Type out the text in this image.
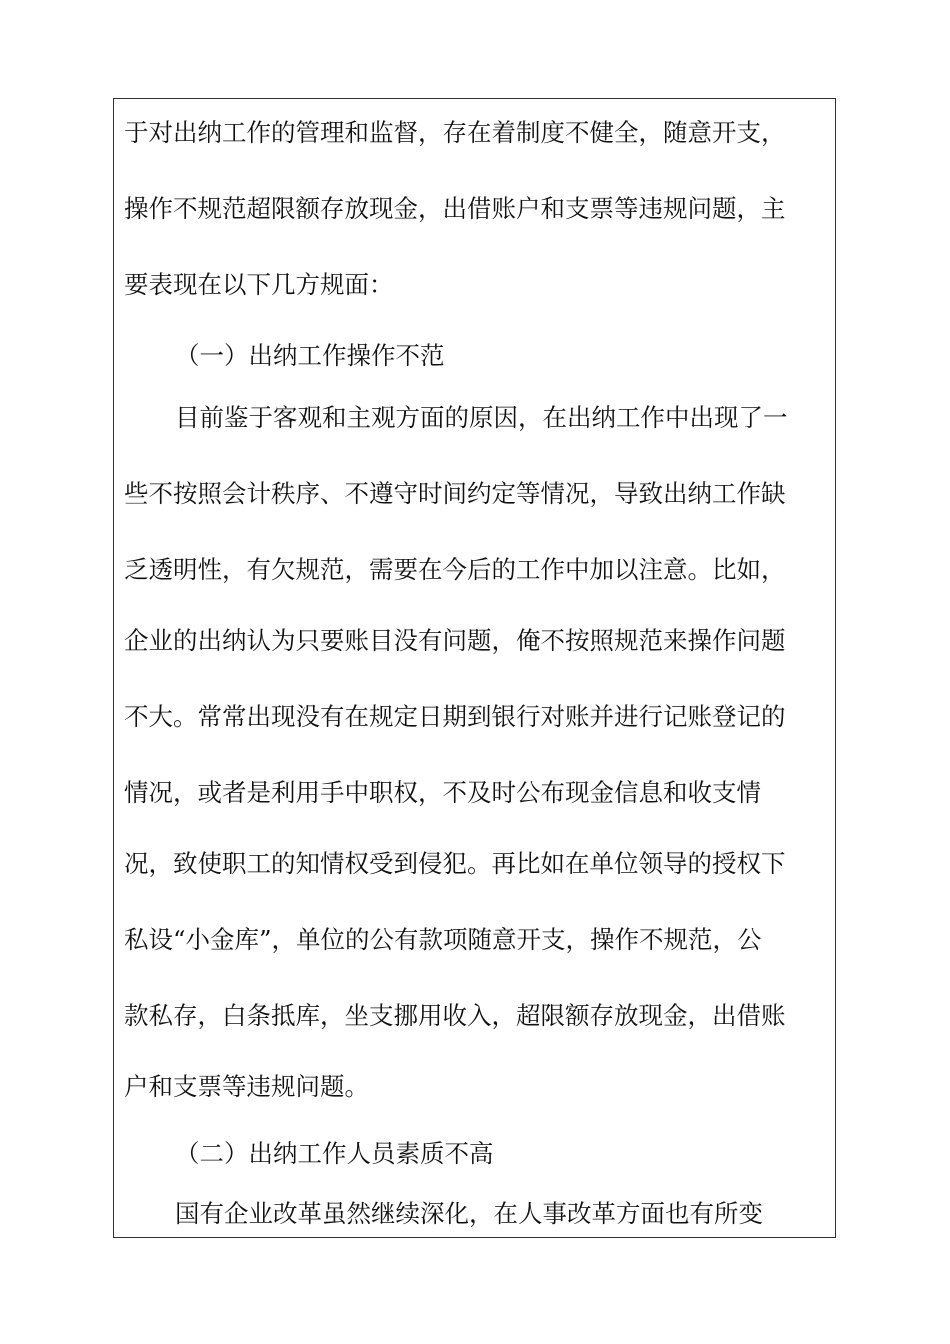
于对出纳工作的管理和监督，存在着制度不健全，随意开支，
操作不规范超限额存放现金，出借账户和支票等违规问题，主
要表现在以下几方规面：
（一）出纳工作操作不范
目前鉴于客观和主观方面的原因，在出纳工作中出现了一
些不按照会计秩序、不遵守时间约定等情况，导致出纳工作缺
乏透明性，有欠规范，需要在今后的工作中加以注意。比如，
企业的出纳认为只要账目没有问题，俺不按照规范来操作问题
不大。常常出现没有在规定日期到银行对账并进行记账登记的
情况，或者是利用手中职权，不及时公布现金信息和收支情
况，致使职工的知情权受到侵犯。再比如在单位领导的授权下
私设“小金库”，单位的公有款项随意开支，操作不规范，公
款私存，白条抵库，坐支挪用收入，超限额存放现金，出借账
户和支票等违规问题。
（二）出纳工作人员素质不高
国有企业改革虽然继续深化，在人事改革方面也有所变
